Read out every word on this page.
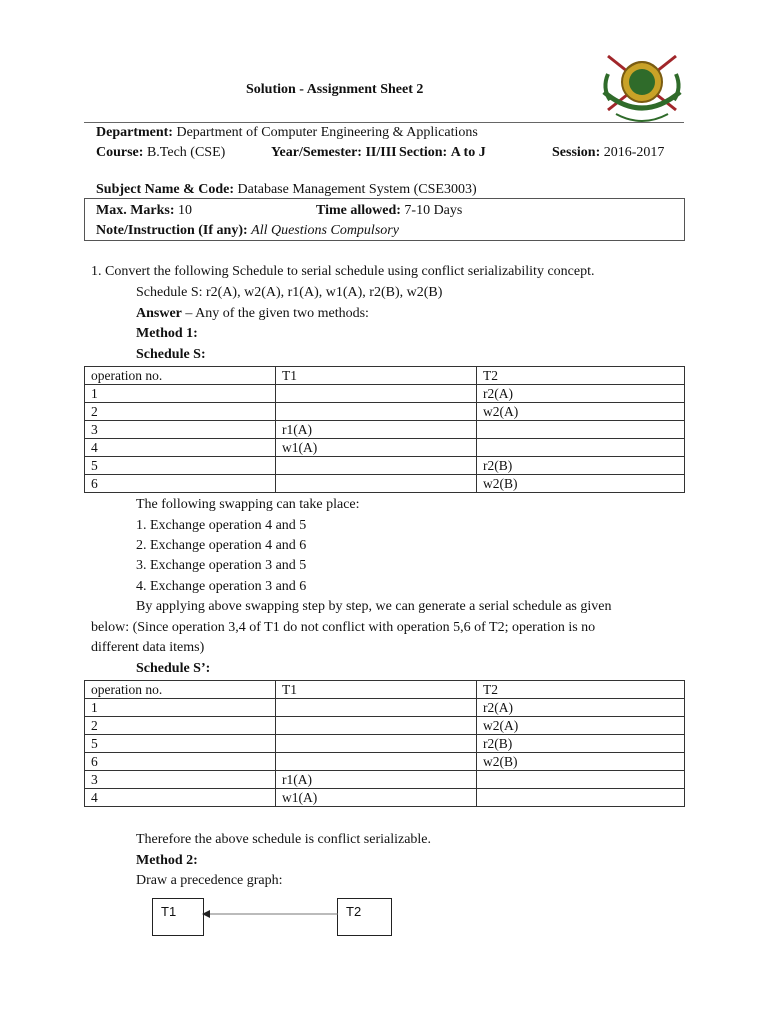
Solution - Assignment Sheet 2
Department: Department of Computer Engineering & Applications
Course: B.Tech (CSE)	Year/Semester: II/III Section: A to J	Session: 2016-2017
Subject Name & Code: Database Management System (CSE3003)
Max. Marks: 10	Time allowed: 7-10 Days
Note/Instruction (If any): All Questions Compulsory
1. Convert the following Schedule to serial schedule using conflict serializability concept.
Schedule S: r2(A), w2(A), r1(A), w1(A), r2(B), w2(B)
Answer – Any of the given two methods:
Method 1:
Schedule S:
operation no.	T1	T2
1		r2(A)
2		w2(A)
3	r1(A)	
4	w1(A)	
5		r2(B)
6		w2(B)
The following swapping can take place:
1. Exchange operation 4 and 5
2. Exchange operation 4 and 6
3. Exchange operation 3 and 5
4. Exchange operation 3 and 6
By applying above swapping step by step, we can generate a serial schedule as given
below: (Since operation 3,4 of T1 do not conflict with operation 5,6 of T2; operation is no
different data items)
Schedule S’:
operation no.	T1	T2
1		r2(A)
2		w2(A)
5		r2(B)
6		w2(B)
3	r1(A)	
4	w1(A)	
Therefore the above schedule is conflict serializable.
Method 2:
Draw a precedence graph:
T1	T2
